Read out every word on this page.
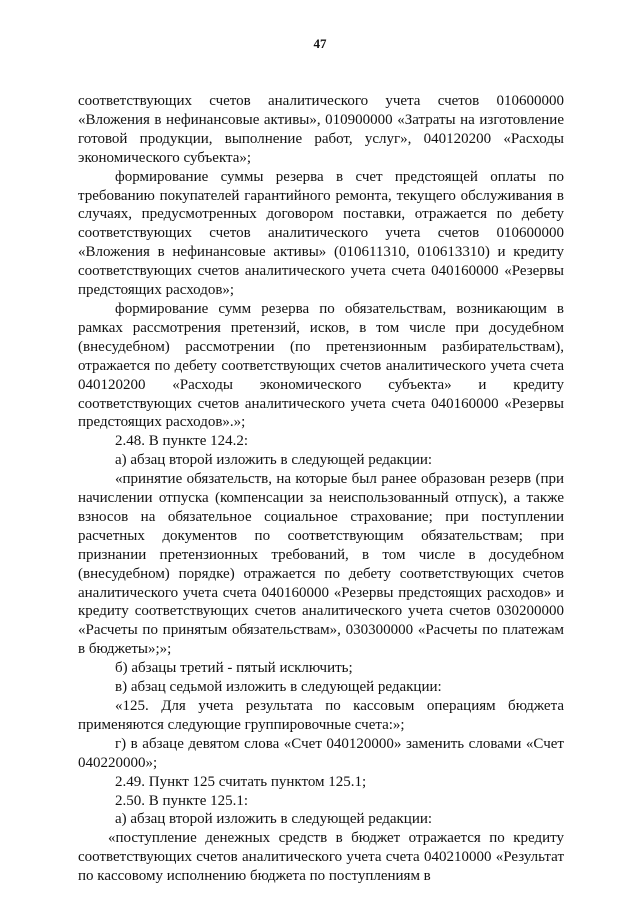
47

соответствующих счетов аналитического учета счетов 010600000 «Вложения в нефинансовые активы», 010900000 «Затраты на изготовление готовой продукции, выполнение работ, услуг», 040120200 «Расходы экономического субъекта»;

формирование суммы резерва в счет предстоящей оплаты по требованию покупателей гарантийного ремонта, текущего обслуживания в случаях, предусмотренных договором поставки, отражается по дебету соответствующих счетов аналитического учета счетов 010600000 «Вложения в нефинансовые активы» (010611310, 010613310) и кредиту соответствующих счетов аналитического учета счета 040160000 «Резервы предстоящих расходов»;

формирование сумм резерва по обязательствам, возникающим в рамках рассмотрения претензий, исков, в том числе при досудебном (внесудебном) рассмотрении (по претензионным разбирательствам), отражается по дебету соответствующих счетов аналитического учета счета 040120200 «Расходы экономического субъекта» и кредиту соответствующих счетов аналитического учета счета 040160000 «Резервы предстоящих расходов».»;

2.48. В пункте 124.2:

а) абзац второй изложить в следующей редакции:

«принятие обязательств, на которые был ранее образован резерв (при начислении отпуска (компенсации за неиспользованный отпуск), а также взносов на обязательное социальное страхование; при поступлении расчетных документов по соответствующим обязательствам; при признании претензионных требований, в том числе в досудебном (внесудебном) порядке) отражается по дебету соответствующих счетов аналитического учета счета 040160000 «Резервы предстоящих расходов» и кредиту соответствующих счетов аналитического учета счетов 030200000 «Расчеты по принятым обязательствам», 030300000 «Расчеты по платежам в бюджеты»;»;

б) абзацы третий - пятый исключить;

в) абзац седьмой изложить в следующей редакции:

«125. Для учета результата по кассовым операциям бюджета применяются следующие группировочные счета:»;

г) в абзаце девятом слова «Счет 040120000» заменить словами «Счет 040220000»;

2.49. Пункт 125 считать пунктом 125.1;

2.50. В пункте 125.1:

а) абзац второй изложить в следующей редакции:

«поступление денежных средств в бюджет отражается по кредиту соответствующих счетов аналитического учета счета 040210000 «Результат по кассовому исполнению бюджета по поступлениям в
